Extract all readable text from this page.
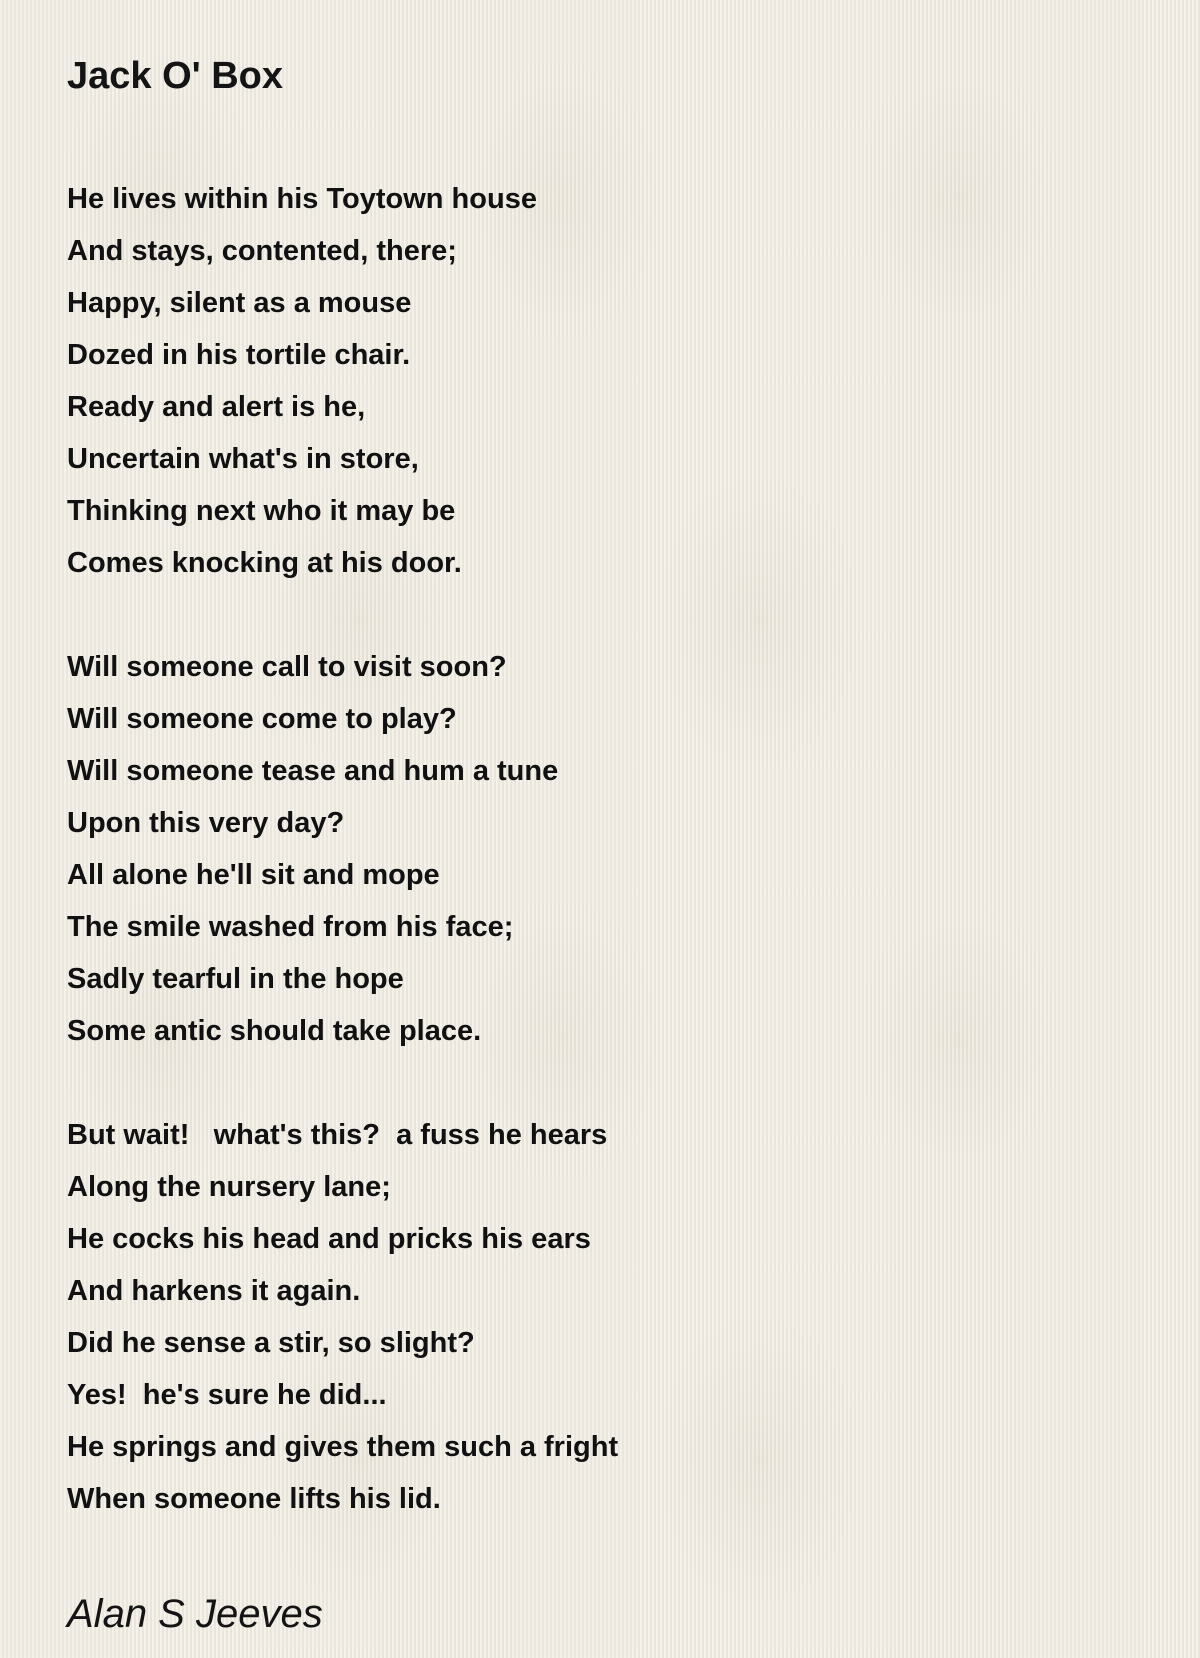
Jack O' Box
He lives within his Toytown house
And stays, contented, there;
Happy, silent as a mouse
Dozed in his tortile chair.
Ready and alert is he,
Uncertain what's in store,
Thinking next who it may be
Comes knocking at his door.
Will someone call to visit soon?
Will someone come to play?
Will someone tease and hum a tune
Upon this very day?
All alone he'll sit and mope
The smile washed from his face;
Sadly tearful in the hope
Some antic should take place.
But wait!   what's this?  a fuss he hears
Along the nursery lane;
He cocks his head and pricks his ears
And harkens it again.
Did he sense a stir, so slight?
Yes!  he's sure he did...
He springs and gives them such a fright
When someone lifts his lid.
Alan S Jeeves
